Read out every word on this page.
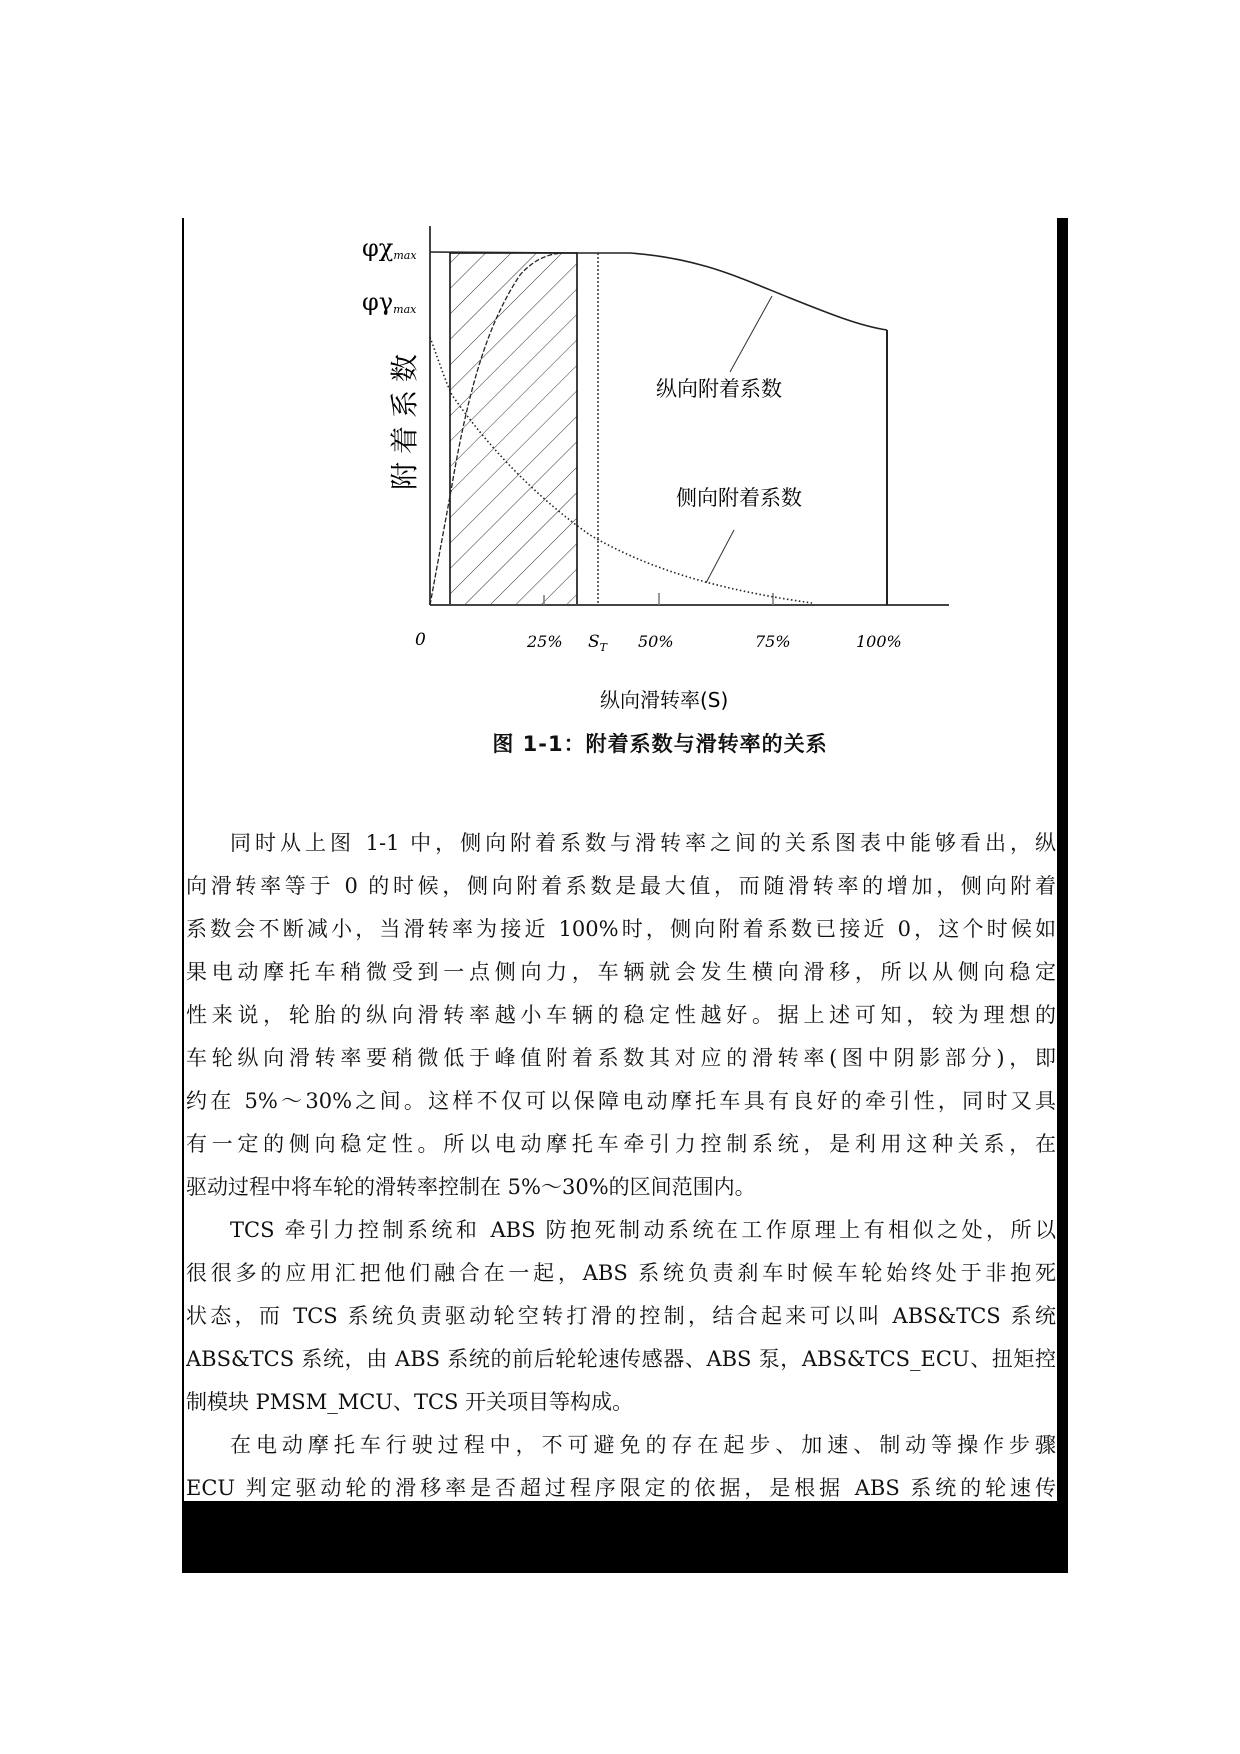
φχmax
φγmax
附着系数	纵向附着系数
侧向附着系数
0	25% $S_T$ 50%	75%	100%
纵向滑转率(S)
图 1-1：附着系数与滑转率的关系
同时从上图 1-1 中，侧向附着系数与滑转率之间的关系图表中能够看出，纵
向滑转率等于 0 的时候，侧向附着系数是最大值，而随滑转率的增加，侧向附着
系数会不断减小，当滑转率为接近 100%时，侧向附着系数已接近 0，这个时候如
果电动摩托车稍微受到一点侧向力，车辆就会发生横向滑移，所以从侧向稳定
性来说，轮胎的纵向滑转率越小车辆的稳定性越好。据上述可知，较为理想的
车轮纵向滑转率要稍微低于峰值附着系数其对应的滑转率(图中阴影部分)，即
约在 5%～30%之间。这样不仅可以保障电动摩托车具有良好的牵引性，同时又具
有一定的侧向稳定性。所以电动摩托车牵引力控制系统，是利用这种关系，在
驱动过程中将车轮的滑转率控制在 5%～30%的区间范围内。
TCS 牵引力控制系统和 ABS 防抱死制动系统在工作原理上有相似之处，所以
很很多的应用汇把他们融合在一起，ABS 系统负责刹车时候车轮始终处于非抱死
状态，而 TCS 系统负责驱动轮空转打滑的控制，结合起来可以叫 ABS&TCS 系统
ABS&TCS 系统，由 ABS 系统的前后轮轮速传感器、ABS 泵，ABS&TCS_ECU、扭矩控
制模块 PMSM_MCU、TCS 开关项目等构成。
在电动摩托车行驶过程中，不可避免的存在起步、加速、制动等操作步骤
ECU 判定驱动轮的滑移率是否超过程序限定的依据，是根据 ABS 系统的轮速传
